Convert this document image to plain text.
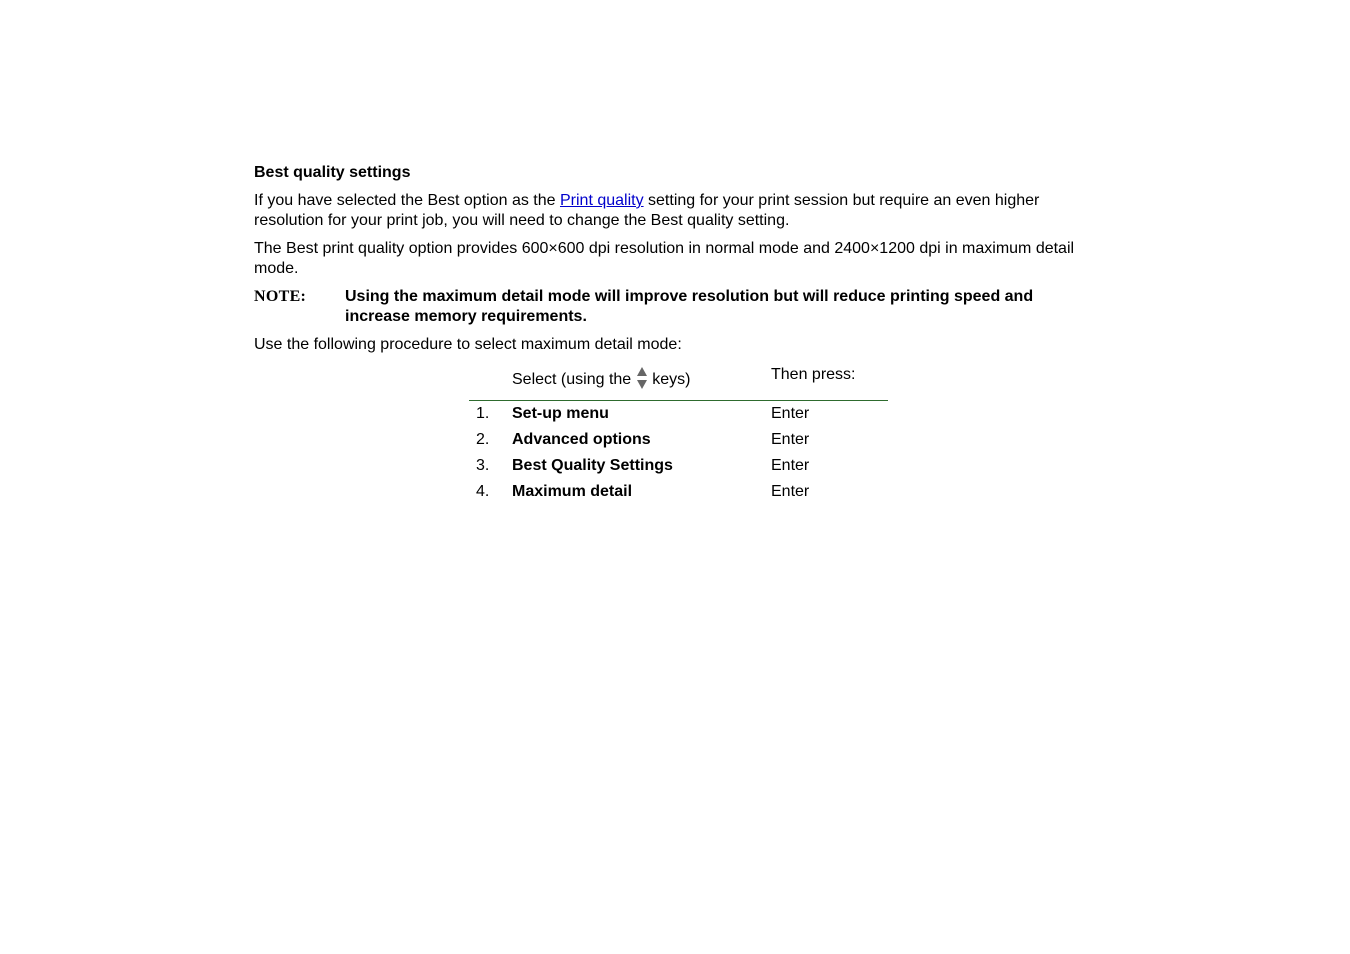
Best quality settings

If you have selected the Best option as the Print quality setting for your print session but require an even higher resolution for your print job, you will need to change the Best quality setting.

The Best print quality option provides 600×600 dpi resolution in normal mode and 2400×1200 dpi in maximum detail mode.

NOTE:	Using the maximum detail mode will improve resolution but will reduce printing speed and increase memory requirements.

Use the following procedure to select maximum detail mode:

	Select (using the keys)	Then press:
1.	Set-up menu	Enter
2.	Advanced options	Enter
3.	Best Quality Settings	Enter
4.	Maximum detail	Enter
